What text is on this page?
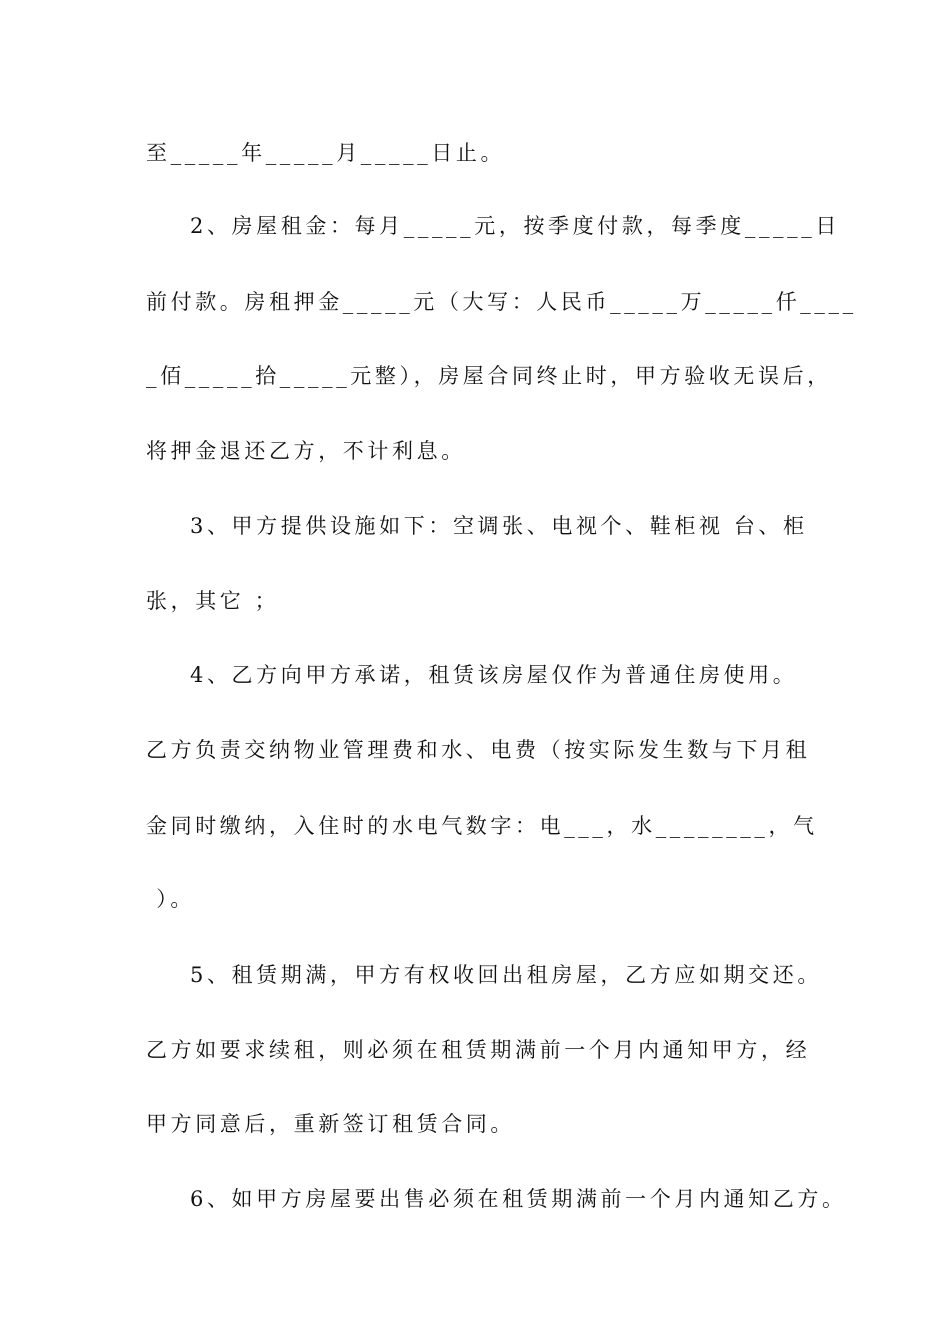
至_____年_____月_____日止。
2、房屋租金：每月_____元，按季度付款，每季度_____日
前付款。房租押金_____元（大写：人民币_____万_____仟____
_佰_____拾_____元整），房屋合同终止时，甲方验收无误后，
将押金退还乙方，不计利息。
3、甲方提供设施如下：空调张、电视个、鞋柜视 台、柜
张，其它 ；
4、乙方向甲方承诺，租赁该房屋仅作为普通住房使用。
乙方负责交纳物业管理费和水、电费（按实际发生数与下月租
金同时缴纳，入住时的水电气数字：电___，水________，气
）。
5、租赁期满，甲方有权收回出租房屋，乙方应如期交还。
乙方如要求续租，则必须在租赁期满前一个月内通知甲方，经
甲方同意后，重新签订租赁合同。
6、如甲方房屋要出售必须在租赁期满前一个月内通知乙方。
